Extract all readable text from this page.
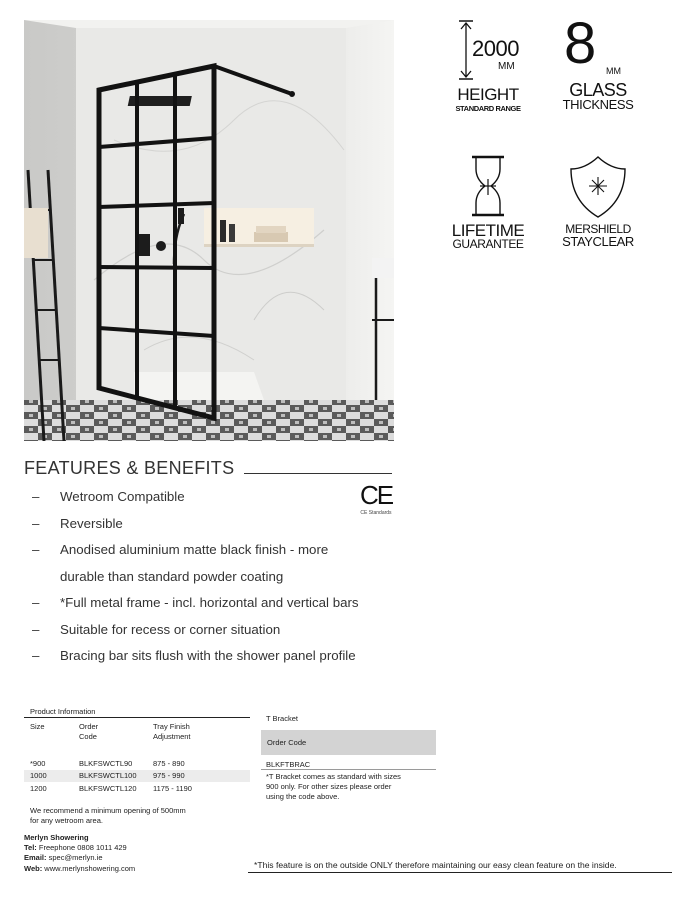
2000
MM
HEIGHT
STANDARD RANGE
8 MM
GLASS
THICKNESS
LIFETIME
GUARANTEE
MERSHIELD
STAYCLEAR
FEATURES & BENEFITS
CE
CE Standards
– Wetroom Compatible
– Reversible
– Anodised aluminium matte black finish - more
durable than standard powder coating
– *Full metal frame - incl. horizontal and vertical bars
– Suitable for recess or corner situation
– Bracing bar sits flush with the shower panel profile
Product Information
Size	Order
Code
Tray Finish
Adjustment
*900	BLKFSWCTL90	875 - 890
1000	BLKFSWCTL100 975 - 990
1200	BLKFSWCTL120 1175 - 1190
We recommend a minimum opening of 500mm
for any wetroom area.
T Bracket
Order Code
BLKFTBRAC
*T Bracket comes as standard with sizes
900 only. For other sizes please order
using the code above.
Merlyn Showering
Tel: Freephone 0808 1011 429
Email: spec@merlyn.ie
Web: www.merlynshowering.com	*This feature is on the outside ONLY therefore maintaining our easy clean feature on the inside.
